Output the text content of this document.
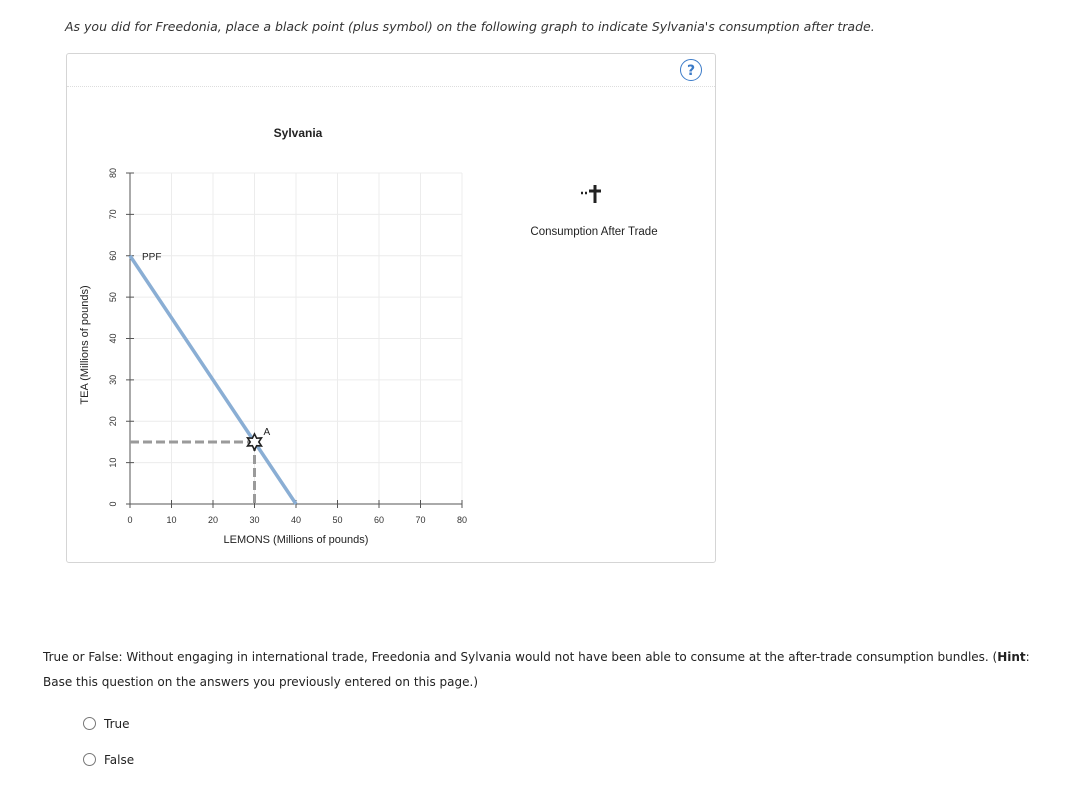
As you did for Freedonia, place a black point (plus symbol) on the following graph to indicate Sylvania's consumption after trade.
?
0	10	20	30	40	50	60	70	80
0
10
20
30
40
50
60
70
80
PPF
A
Sylvania
LEMONS (Millions of pounds)
TEA (Millions of pounds)
Consumption After Trade
True or False: Without engaging in international trade, Freedonia and Sylvania would not have been able to consume at the after-trade consumption bundles. (Hint: Base this question on the answers you previously entered on this page.)
True
False
